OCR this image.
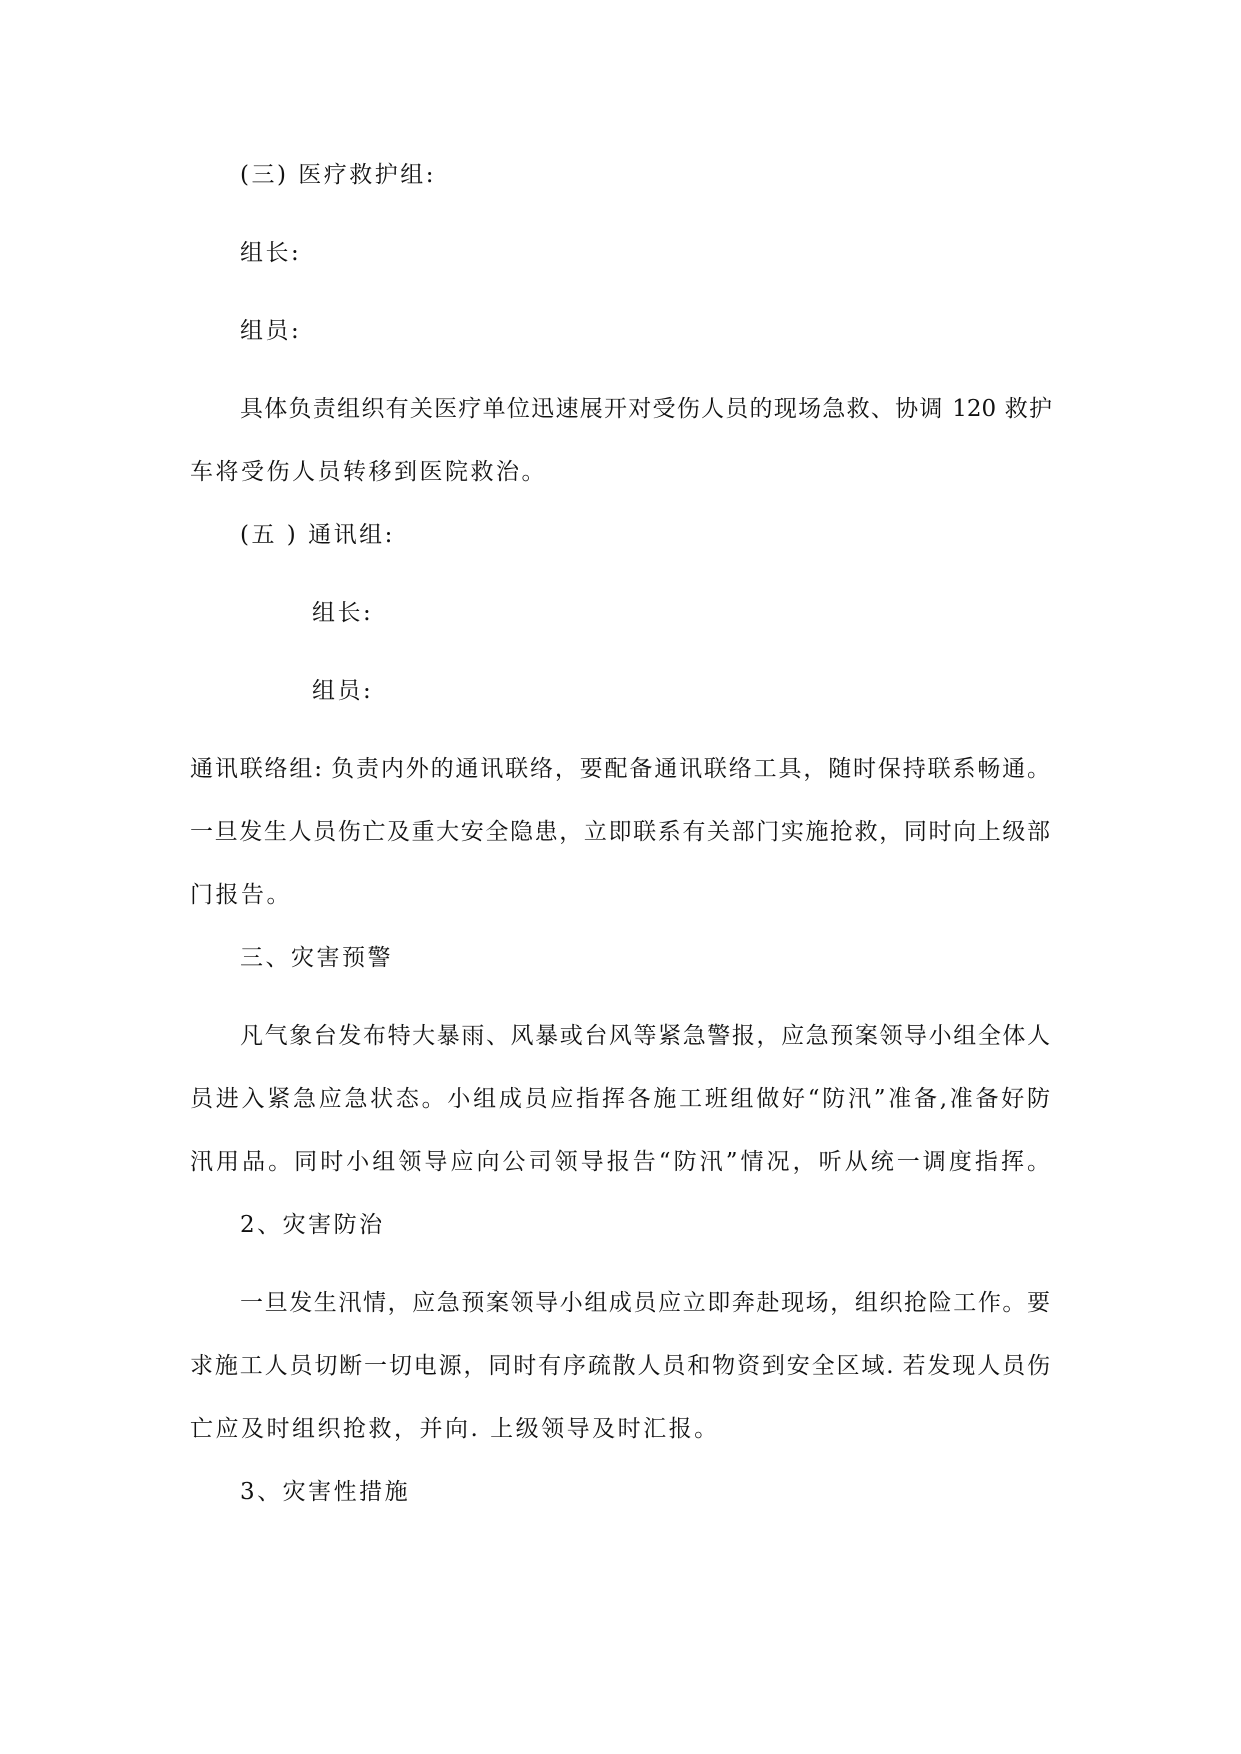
(三) 医疗救护组:
组长:
组员:
具体负责组织有关医疗单位迅速展开对受伤人员的现场急救、协调 120 救护
车将受伤人员转移到医院救治。
(五 ) 通讯组:
组长:
组员:
通讯联络组: 负责内外的通讯联络，要配备通讯联络工具，随时保持联系畅通。
一旦发生人员伤亡及重大安全隐患，立即联系有关部门实施抢救，同时向上级部
门报告。
三、灾害预警
凡气象台发布特大暴雨、风暴或台风等紧急警报，应急预案领导小组全体人
员进入紧急应急状态。小组成员应指挥各施工班组做好“防汛”准备,准备好防
汛用品。同时小组领导应向公司领导报告“防汛”情况，听从统一调度指挥。
2、灾害防治
一旦发生汛情，应急预案领导小组成员应立即奔赴现场，组织抢险工作。要
求施工人员切断一切电源，同时有序疏散人员和物资到安全区域. 若发现人员伤
亡应及时组织抢救，并向. 上级领导及时汇报。
3、灾害性措施
